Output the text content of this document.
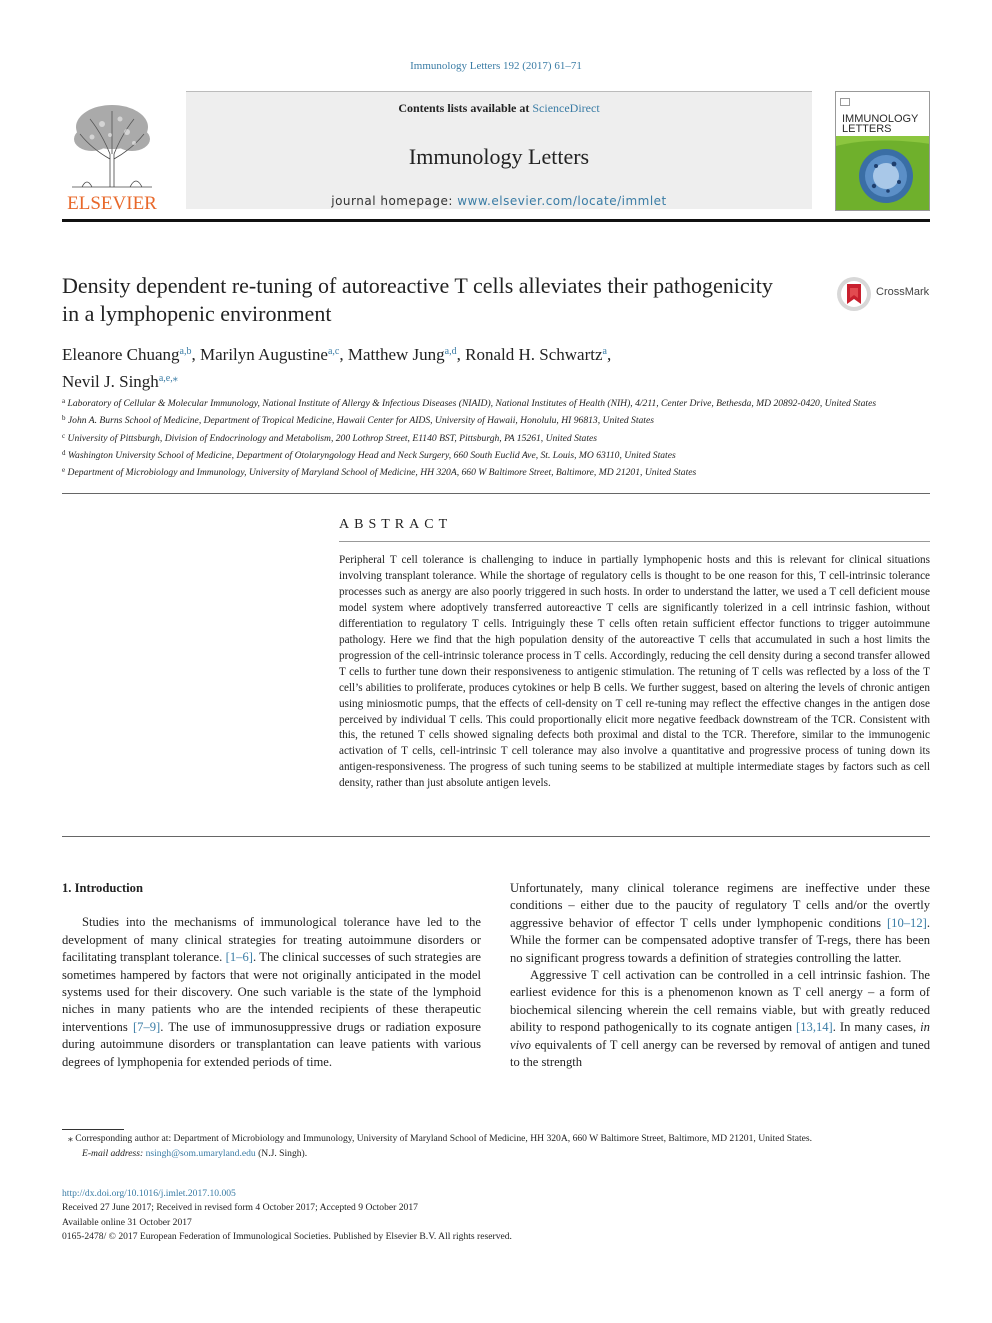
Immunology Letters 192 (2017) 61–71
ELSEVIER
Contents lists available at ScienceDirect
Immunology Letters
journal homepage: www.elsevier.com/locate/immlet
IMMUNOLOGY LETTERS
Density dependent re-tuning of autoreactive T cells alleviates their pathogenicity in a lymphopenic environment
CrossMark
Eleanore Chuang$^{a,b}$, Marilyn Augustine$^{a,c}$, Matthew Jung$^{a,d}$, Ronald H. Schwartz$^a$,
Nevil J. Singh$^{a,e,⁎}$
$^a$ Laboratory of Cellular & Molecular Immunology, National Institute of Allergy & Infectious Diseases (NIAID), National Institutes of Health (NIH), 4/211, Center Drive, Bethesda, MD 20892-0420, United States
$^b$ John A. Burns School of Medicine, Department of Tropical Medicine, Hawaii Center for AIDS, University of Hawaii, Honolulu, HI 96813, United States
$^c$ University of Pittsburgh, Division of Endocrinology and Metabolism, 200 Lothrop Street, E1140 BST, Pittsburgh, PA 15261, United States
$^d$ Washington University School of Medicine, Department of Otolaryngology Head and Neck Surgery, 660 South Euclid Ave, St. Louis, MO 63110, United States
$^e$ Department of Microbiology and Immunology, University of Maryland School of Medicine, HH 320A, 660 W Baltimore Street, Baltimore, MD 21201, United States
ABSTRACT
Peripheral T cell tolerance is challenging to induce in partially lymphopenic hosts and this is relevant for clinical situations involving transplant tolerance. While the shortage of regulatory cells is thought to be one reason for this, T cell-intrinsic tolerance processes such as anergy are also poorly triggered in such hosts. In order to understand the latter, we used a T cell deficient mouse model system where adoptively transferred autoreactive T cells are significantly tolerized in a cell intrinsic fashion, without differentiation to regulatory T cells. Intriguingly these T cells often retain sufficient effector functions to trigger autoimmune pathology. Here we find that the high population density of the autoreactive T cells that accumulated in such a host limits the progression of the cell-intrinsic tolerance process in T cells. Accordingly, reducing the cell density during a second transfer allowed T cells to further tune down their responsiveness to antigenic stimulation. The retuning of T cells was reflected by a loss of the T cell’s abilities to proliferate, produces cytokines or help B cells. We further suggest, based on altering the levels of chronic antigen using miniosmotic pumps, that the effects of cell-density on T cell re-tuning may reflect the effective changes in the antigen dose perceived by individual T cells. This could proportionally elicit more negative feedback downstream of the TCR. Consistent with this, the retuned T cells showed signaling defects both proximal and distal to the TCR. Therefore, similar to the immunogenic activation of T cells, cell-intrinsic T cell tolerance may also involve a quantitative and progressive process of tuning down its antigen-responsiveness. The progress of such tuning seems to be stabilized at multiple intermediate stages by factors such as cell density, rather than just absolute antigen levels.
1. Introduction

Studies into the mechanisms of immunological tolerance have led to the development of many clinical strategies for treating autoimmune disorders or facilitating transplant tolerance. [1–6]. The clinical successes of such strategies are sometimes hampered by factors that were not originally anticipated in the model systems used for their discovery. One such variable is the state of the lymphoid niches in many patients who are the intended recipients of these therapeutic interventions [7–9]. The use of immunosuppressive drugs or radiation exposure during autoimmune disorders or transplantation can leave patients with various degrees of lymphopenia for extended periods of time.

Unfortunately, many clinical tolerance regimens are ineffective under these conditions – either due to the paucity of regulatory T cells and/or the overtly aggressive behavior of effector T cells under lymphopenic conditions [10–12]. While the former can be compensated adoptive transfer of T-regs, there has been no significant progress towards a definition of strategies controlling the latter.

Aggressive T cell activation can be controlled in a cell intrinsic fashion. The earliest evidence for this is a phenomenon known as T cell anergy – a form of biochemical silencing wherein the cell remains viable, but with greatly reduced ability to respond pathogenically to its cognate antigen [13,14]. In many cases, in vivo equivalents of T cell anergy can be reversed by removal of antigen and tuned to the strength

⁎ Corresponding author at: Department of Microbiology and Immunology, University of Maryland School of Medicine, HH 320A, 660 W Baltimore Street, Baltimore, MD 21201, United States.
E-mail address: nsingh@som.umaryland.edu (N.J. Singh).
http://dx.doi.org/10.1016/j.imlet.2017.10.005
Received 27 June 2017; Received in revised form 4 October 2017; Accepted 9 October 2017
Available online 31 October 2017
0165-2478/ © 2017 European Federation of Immunological Societies. Published by Elsevier B.V. All rights reserved.
